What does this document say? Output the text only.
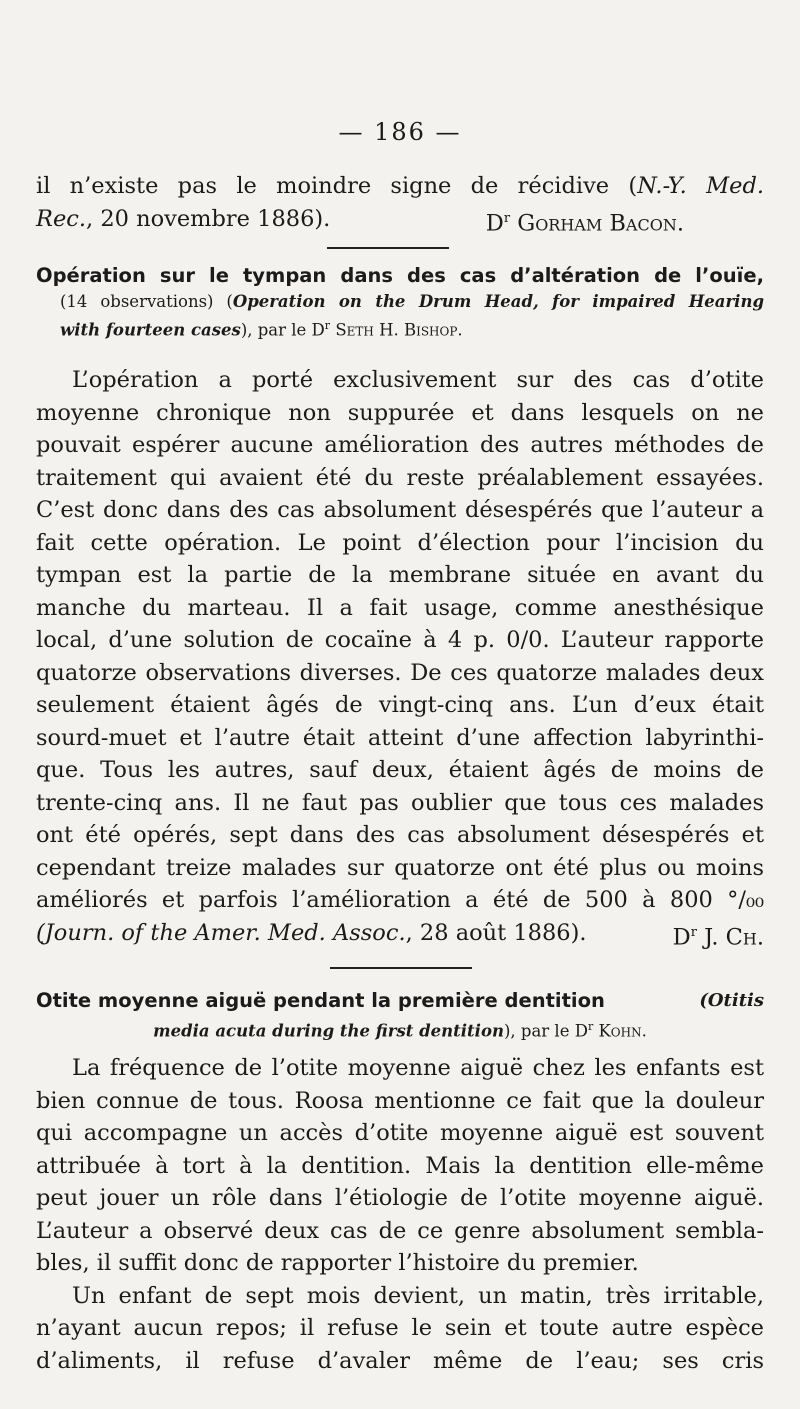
— 186 —
il n’existe pas le moindre signe de récidive (N.-Y. Med.
Rec., 20 novembre 1886).	$D^r$ Gorham Bacon.
Opération sur le tympan dans des cas d’altération de l’ouïe,
(14 observations) (Operation on the Drum Head, for impaired Hearing
with fourteen cases), par le $D^r$ Seth H. Bishop.
L’opération a porté exclusivement sur des cas d’otite
moyenne chronique non suppurée et dans lesquels on ne
pouvait espérer aucune amélioration des autres méthodes de
traitement qui avaient été du reste préalablement essayées.
C’est donc dans des cas absolument désespérés que l’auteur a
fait cette opération. Le point d’élection pour l’incision du
tympan est la partie de la membrane située en avant du
manche du marteau. Il a fait usage, comme anesthésique
local, d’une solution de cocaïne à 4 p. 0/0. L’auteur rapporte
quatorze observations diverses. De ces quatorze malades deux
seulement étaient âgés de vingt-cinq ans. L’un d’eux était
sourd-muet et l’autre était atteint d’une affection labyrinthi-
que. Tous les autres, sauf deux, étaient âgés de moins de
trente-cinq ans. Il ne faut pas oublier que tous ces malades
ont été opérés, sept dans des cas absolument désespérés et
cependant treize malades sur quatorze ont été plus ou moins
améliorés et parfois l’amélioration a été de 500 à 800 °/₀₀
(Journ. of the Amer. Med. Assoc., 28 août 1886).	$D^r$ J. Ch.
Otite moyenne aiguë pendant la première dentition	(Otitis
media acuta during the first dentition), par le $D^r$ Kohn.
La fréquence de l’otite moyenne aiguë chez les enfants est
bien connue de tous. Roosa mentionne ce fait que la douleur
qui accompagne un accès d’otite moyenne aiguë est souvent
attribuée à tort à la dentition. Mais la dentition elle-même
peut jouer un rôle dans l’étiologie de l’otite moyenne aiguë.
L’auteur a observé deux cas de ce genre absolument sembla-
bles, il suffit donc de rapporter l’histoire du premier.
Un enfant de sept mois devient, un matin, très irritable,
n’ayant aucun repos; il refuse le sein et toute autre espèce
d’aliments, il refuse d’avaler même de l’eau; ses cris
